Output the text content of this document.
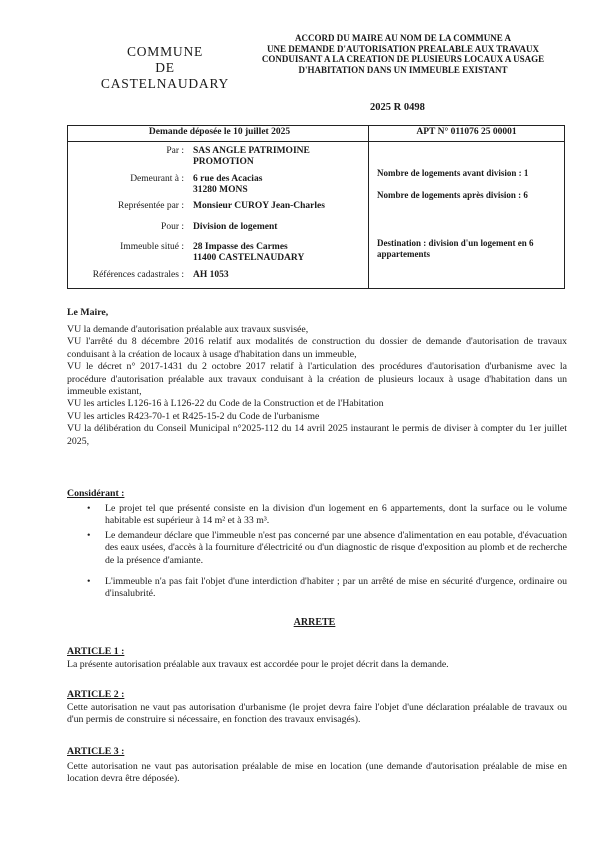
COMMUNE
DE
CASTELNAUDARY
ACCORD DU MAIRE AU NOM DE LA COMMUNE A
UNE DEMANDE D'AUTORISATION PREALABLE AUX TRAVAUX
CONDUISANT A LA CREATION DE PLUSIEURS LOCAUX A USAGE
D'HABITATION DANS UN IMMEUBLE EXISTANT
2025 R 0498
Demande déposée le 10 juillet 2025	APT N° 011076 25 00001
Par : SAS ANGLE PATRIMOINE
PROMOTION
Demeurant à : 6 rue des Acacias
31280 MONS
Représentée par : Monsieur CUROY Jean-Charles
Pour : Division de logement
Immeuble situé : 28 Impasse des Carmes
11400 CASTELNAUDARY
Références cadastrales : AH 1053
Nombre de logements avant division : 1
Nombre de logements après division : 6
Destination : division d'un logement en 6
appartements
Le Maire,
VU la demande d'autorisation préalable aux travaux susvisée,
VU l'arrêté du 8 décembre 2016 relatif aux modalités de construction du dossier de demande d'autorisation de travaux conduisant à la création de locaux à usage d'habitation dans un immeuble,
VU le décret n° 2017-1431 du 2 octobre 2017 relatif à l'articulation des procédures d'autorisation d'urbanisme avec la procédure d'autorisation préalable aux travaux conduisant à la création de plusieurs locaux à usage d'habitation dans un immeuble existant,
VU les articles L126-16 à L126-22 du Code de la Construction et de l'Habitation
VU les articles R423-70-1 et R425-15-2 du Code de l'urbanisme
VU la délibération du Conseil Municipal n°2025-112 du 14 avril 2025 instaurant le permis de diviser à compter du 1er juillet 2025,
Considérant :
•	Le projet tel que présenté consiste en la division d'un logement en 6 appartements, dont la surface ou le volume habitable est supérieur à 14 m² et à 33 m³.
•	Le demandeur déclare que l'immeuble n'est pas concerné par une absence d'alimentation en eau potable, d'évacuation des eaux usées, d'accès à la fourniture d'électricité ou d'un diagnostic de risque d'exposition au plomb et de recherche de la présence d'amiante.
•	L'immeuble n'a pas fait l'objet d'une interdiction d'habiter ; par un arrêté de mise en sécurité d'urgence, ordinaire ou d'insalubrité.
ARRETE
ARTICLE 1 :
La présente autorisation préalable aux travaux est accordée pour le projet décrit dans la demande.
ARTICLE 2 :
Cette autorisation ne vaut pas autorisation d'urbanisme (le projet devra faire l'objet d'une déclaration préalable de travaux ou d'un permis de construire si nécessaire, en fonction des travaux envisagés).
ARTICLE 3 :
Cette autorisation ne vaut pas autorisation préalable de mise en location (une demande d'autorisation préalable de mise en location devra être déposée).
